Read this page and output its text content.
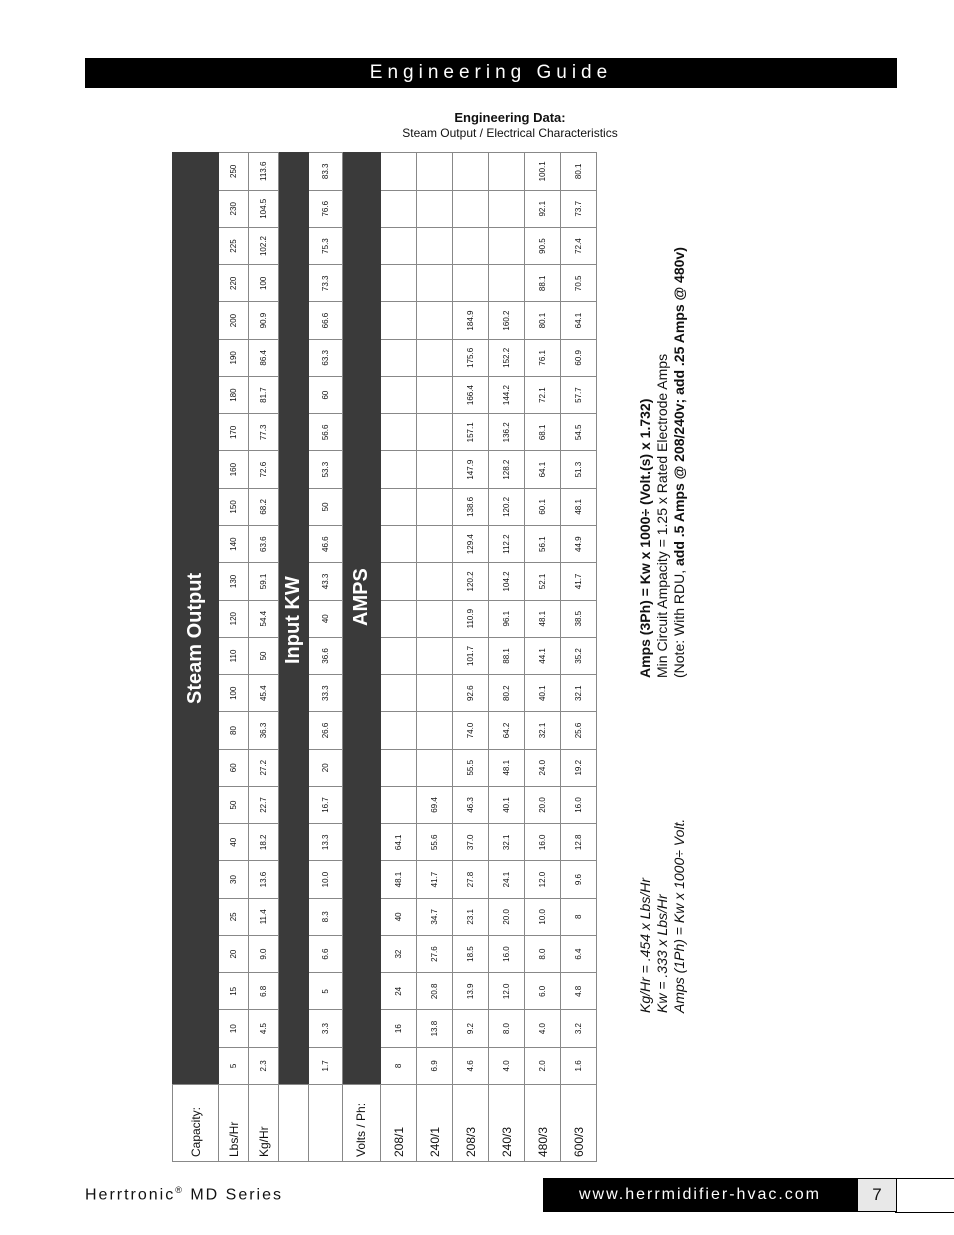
Engineering Guide
Engineering Data:
Steam Output / Electrical Characteristics
Capacity:	Steam Output																								
Lbs/Hr	5	10	15	20	25	30	40	50	60	80	100	110	120	130	140	150	160	170	180	190	200	220	225	230	250
Kg/Hr	2.3	4.5	6.8	9.0	11.4	13.6	18.2	22.7	27.2	36.3	45.4	50	54.4	59.1	63.6	68.2	72.6	77.3	81.7	86.4	90.9	100	102.2	104.5	113.6
	Input KW																								
	1.7	3.3	5	6.6	8.3	10.0	13.3	16.7	20	26.6	33.3	36.6	40	43.3	46.6	50	53.3	56.6	60	63.3	66.6	73.3	75.3	76.6	83.3
Volts / Ph:	AMPS																								
208/1	8	16	24	32	40	48.1	64.1																		
240/1	6.9	13.8	20.8	27.6	34.7	41.7	55.6	69.4																	
208/3	4.6	9.2	13.9	18.5	23.1	27.8	37.0	46.3	55.5	74.0	92.6	101.7	110.9	120.2	129.4	138.6	147.9	157.1	166.4	175.6	184.9				
240/3	4.0	8.0	12.0	16.0	20.0	24.1	32.1	40.1	48.1	64.2	80.2	88.1	96.1	104.2	112.2	120.2	128.2	136.2	144.2	152.2	160.2				
480/3	2.0	4.0	6.0	8.0	10.0	12.0	16.0	20.0	24.0	32.1	40.1	44.1	48.1	52.1	56.1	60.1	64.1	68.1	72.1	76.1	80.1	88.1	90.5	92.1	100.1
600/3	1.6	3.2	4.8	6.4	8	9.6	12.8	16.0	19.2	25.6	32.1	35.2	38.5	41.7	44.9	48.1	51.3	54.5	57.7	60.9	64.1	70.5	72.4	73.7	80.1
Kg/Hr = .454 x Lbs/Hr Kw = .333 x Lbs/Hr Amps (1Ph) = Kw x 1000÷ Volt.
Amps (3Ph) = Kw x 1000÷ (Volt.(s) x 1.732) Min Circuit Ampacity = 1.25 x Rated Electrode Amps (Note: With RDU, add .5 Amps @ 208/240v; add .25 Amps @ 480v)
Herrtronic® MD Series	www.herrmidifier-hvac.com	7
